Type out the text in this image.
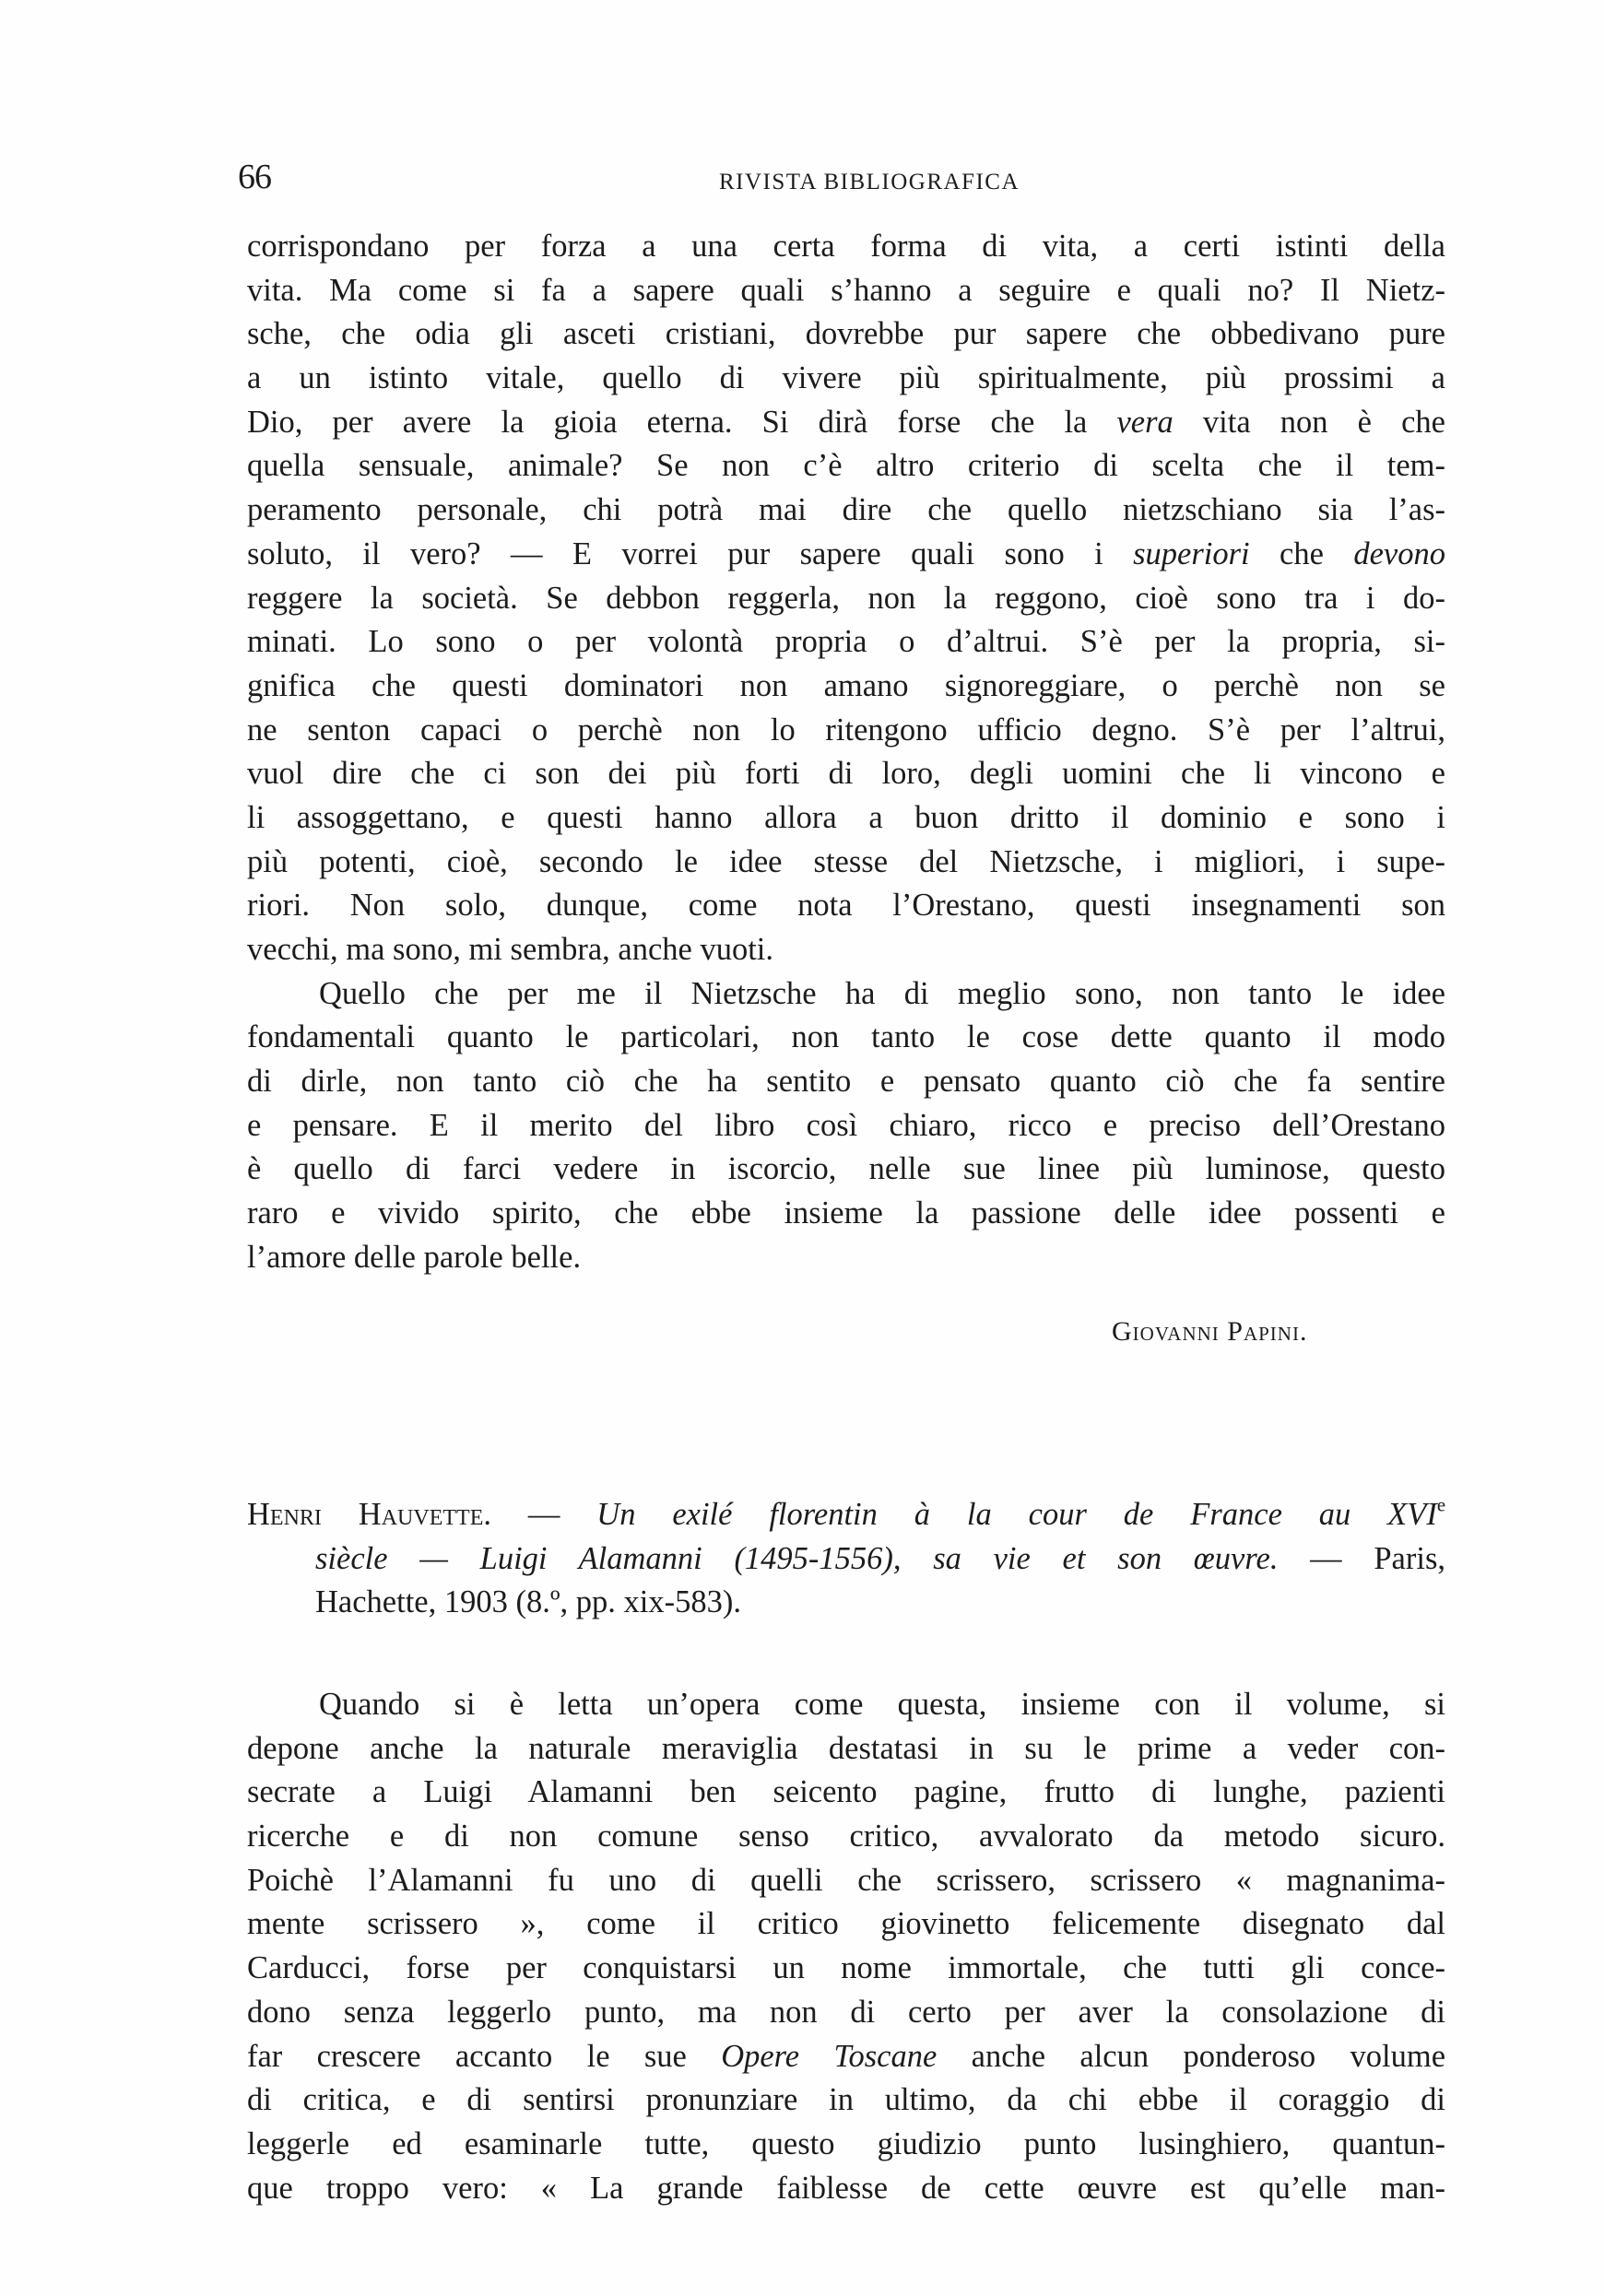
66	RIVISTA BIBLIOGRAFICA
corrispondano per forza a una certa forma di vita, a certi istinti della
vita. Ma come si fa a sapere quali s’hanno a seguire e quali no? Il Nietz-
sche, che odia gli asceti cristiani, dovrebbe pur sapere che obbedivano pure
a un istinto vitale, quello di vivere più spiritualmente, più prossimi a
Dio, per avere la gioia eterna. Si dirà forse che la vera vita non è che
quella sensuale, animale? Se non c’è altro criterio di scelta che il tem-
peramento personale, chi potrà mai dire che quello nietzschiano sia l’as-
soluto, il vero? — E vorrei pur sapere quali sono i superiori che devono
reggere la società. Se debbon reggerla, non la reggono, cioè sono tra i do-
minati. Lo sono o per volontà propria o d’altrui. S’è per la propria, si-
gnifica che questi dominatori non amano signoreggiare, o perchè non se
ne senton capaci o perchè non lo ritengono ufficio degno. S’è per l’altrui,
vuol dire che ci son dei più forti di loro, degli uomini che li vincono e
li assoggettano, e questi hanno allora a buon dritto il dominio e sono i
più potenti, cioè, secondo le idee stesse del Nietzsche, i migliori, i supe-
riori. Non solo, dunque, come nota l’Orestano, questi insegnamenti son
vecchi, ma sono, mi sembra, anche vuoti.
Quello che per me il Nietzsche ha di meglio sono, non tanto le idee
fondamentali quanto le particolari, non tanto le cose dette quanto il modo
di dirle, non tanto ciò che ha sentito e pensato quanto ciò che fa sentire
e pensare. E il merito del libro così chiaro, ricco e preciso dell’Orestano
è quello di farci vedere in iscorcio, nelle sue linee più luminose, questo
raro e vivido spirito, che ebbe insieme la passione delle idee possenti e
l’amore delle parole belle.
Giovanni Papini.
Henri Hauvette. — Un exilé florentin à la cour de France au XVIe
siècle — Luigi Alamanni (1495-1556), sa vie et son œuvre. — Paris,
Hachette, 1903 (8.º, pp. xix-583).
Quando si è letta un’opera come questa, insieme con il volume, si
depone anche la naturale meraviglia destatasi in su le prime a veder con-
secrate a Luigi Alamanni ben seicento pagine, frutto di lunghe, pazienti
ricerche e di non comune senso critico, avvalorato da metodo sicuro.
Poichè l’Alamanni fu uno di quelli che scrissero, scrissero « magnanima-
mente scrissero », come il critico giovinetto felicemente disegnato dal
Carducci, forse per conquistarsi un nome immortale, che tutti gli conce-
dono senza leggerlo punto, ma non di certo per aver la consolazione di
far crescere accanto le sue Opere Toscane anche alcun ponderoso volume
di critica, e di sentirsi pronunziare in ultimo, da chi ebbe il coraggio di
leggerle ed esaminarle tutte, questo giudizio punto lusinghiero, quantun-
que troppo vero: « La grande faiblesse de cette œuvre est qu’elle man-
